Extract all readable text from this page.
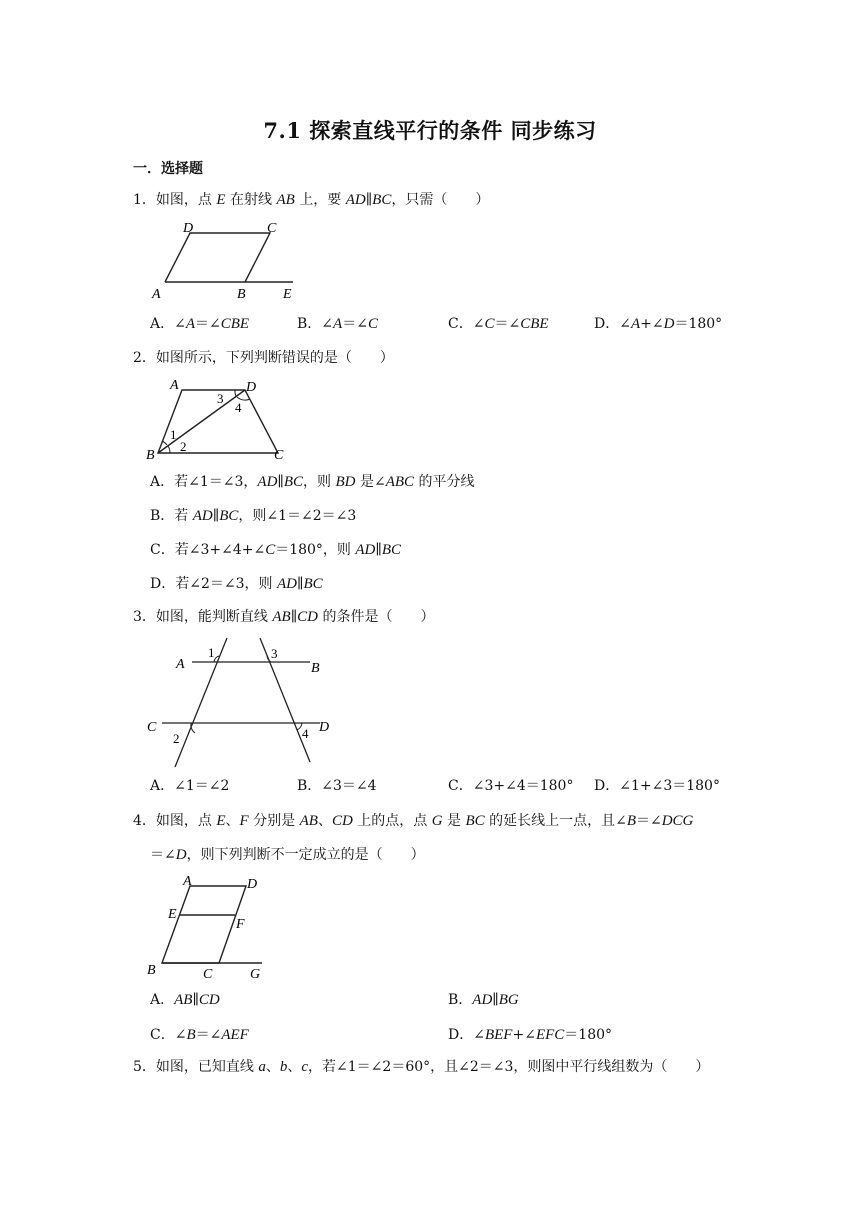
7.1 探索直线平行的条件 同步练习
一．选择题
1．如图，点 E 在射线 AB 上，要 AD∥BC，只需（　　）
D	C
A	B	E
A．∠A＝∠CBE	B．∠A＝∠C	C．∠C＝∠CBE	D．∠A+∠D＝180°
2．如图所示，下列判断错误的是（　　）
A	D
B	C
1
2
3
4
A．若∠1＝∠3，AD∥BC，则 BD 是∠ABC 的平分线
B．若 AD∥BC，则∠1＝∠2＝∠3
C．若∠3+∠4+∠C＝180°，则 AD∥BC
D．若∠2＝∠3，则 AD∥BC
3．如图，能判断直线 AB∥CD 的条件是（　　）
A	B
C	D
1
2
3
4
A．∠1＝∠2	B．∠3＝∠4	C．∠3+∠4＝180° D．∠1+∠3＝180°
4．如图，点 E、F 分别是 AB、CD 上的点，点 G 是 BC 的延长线上一点，且∠B＝∠DCG
＝∠D，则下列判断不一定成立的是（　　）
A	D
E
F
B	C	G
A．AB∥CD	B．AD∥BG
C．∠B＝∠AEF	D．∠BEF+∠EFC＝180°
5．如图，已知直线 a、b、c，若∠1＝∠2＝60°，且∠2＝∠3，则图中平行线组数为（　　）
